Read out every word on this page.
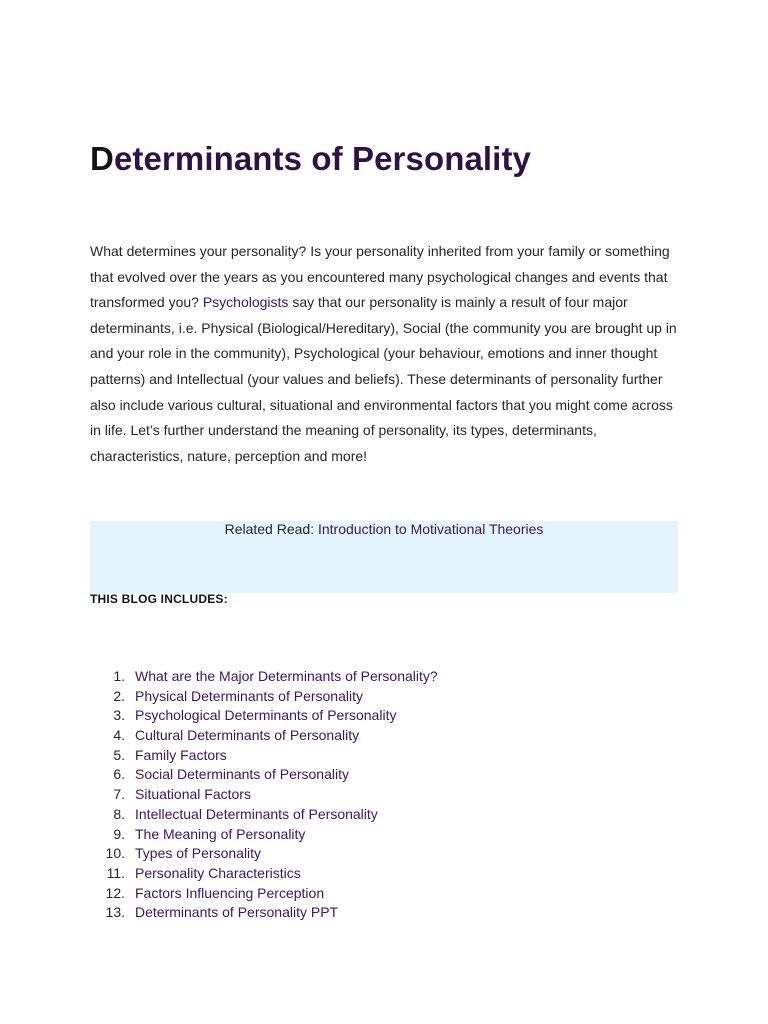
Determinants of Personality

What determines your personality? Is your personality inherited from your family or something that evolved over the years as you encountered many psychological changes and events that transformed you? Psychologists say that our personality is mainly a result of four major determinants, i.e. Physical (Biological/Hereditary), Social (the community you are brought up in and your role in the community), Psychological (your behaviour, emotions and inner thought patterns) and Intellectual (your values and beliefs). These determinants of personality further also include various cultural, situational and environmental factors that you might come across in life. Let’s further understand the meaning of personality, its types, determinants, characteristics, nature, perception and more!

Related Read: Introduction to Motivational Theories
THIS BLOG INCLUDES:
1. What are the Major Determinants of Personality?
2. Physical Determinants of Personality
3. Psychological Determinants of Personality
4. Cultural Determinants of Personality
5. Family Factors
6. Social Determinants of Personality
7. Situational Factors
8. Intellectual Determinants of Personality
9. The Meaning of Personality
10. Types of Personality
11. Personality Characteristics
12. Factors Influencing Perception
13. Determinants of Personality PPT
